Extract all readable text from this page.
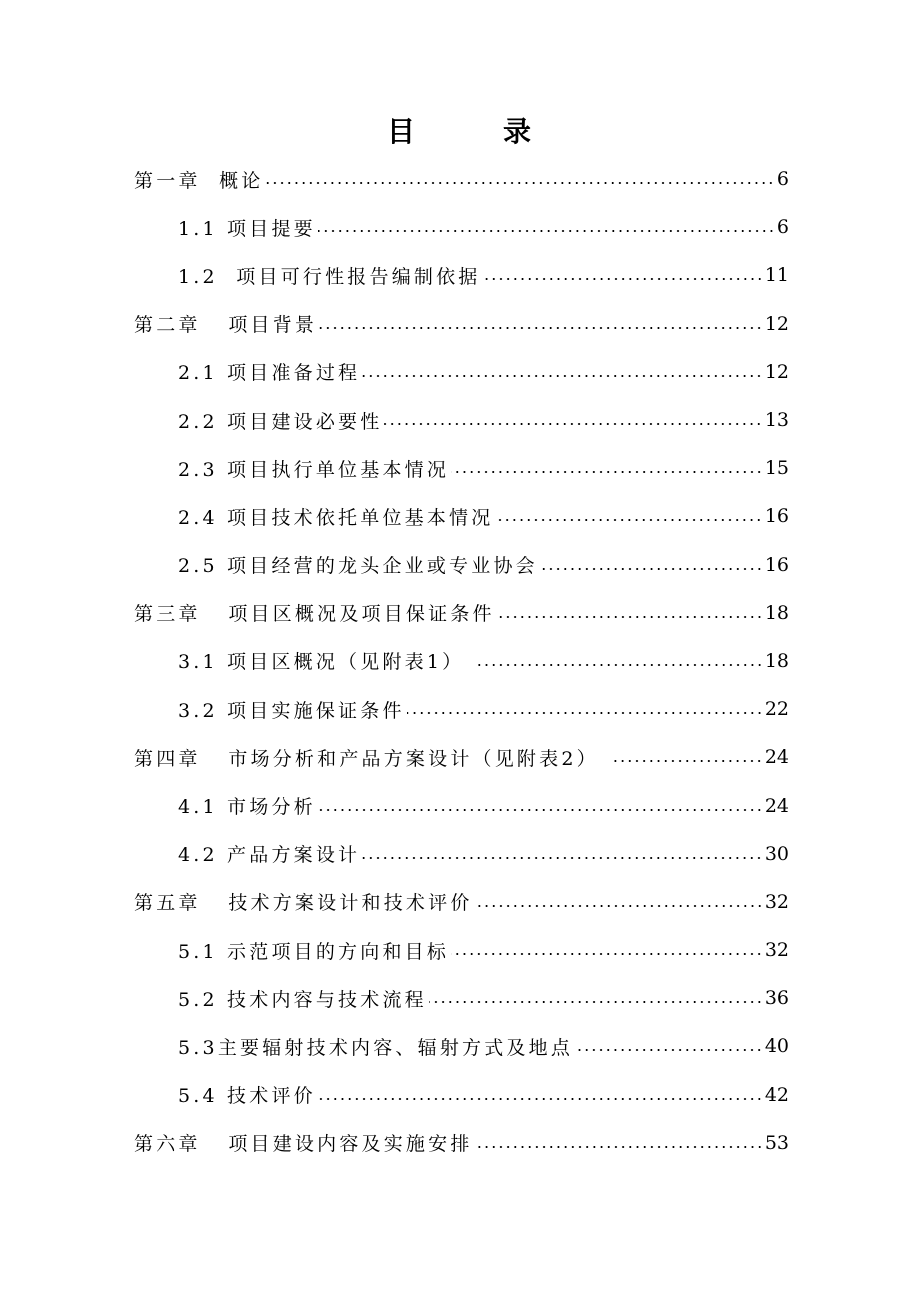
目	录
第一章  概论	6
1.1 项目提要	6
1.2  项目可行性报告编制依据	11
第二章   项目背景	12
2.1 项目准备过程	12
2.2 项目建设必要性	13
2.3 项目执行单位基本情况	15
2.4 项目技术依托单位基本情况	16
2.5 项目经营的龙头企业或专业协会	16
第三章   项目区概况及项目保证条件	18
3.1 项目区概况（见附表1）	18
3.2 项目实施保证条件	22
第四章   市场分析和产品方案设计（见附表2）	24
4.1 市场分析	24
4.2 产品方案设计	30
第五章   技术方案设计和技术评价	32
5.1 示范项目的方向和目标	32
5.2 技术内容与技术流程	36
5.3主要辐射技术内容、辐射方式及地点	40
5.4 技术评价	42
第六章   项目建设内容及实施安排	53
